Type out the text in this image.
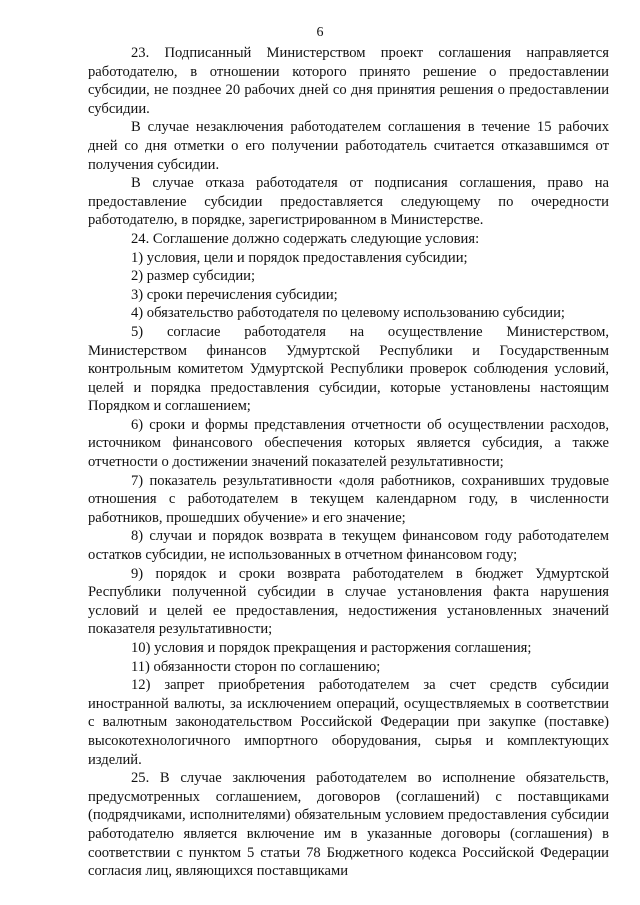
6

23. Подписанный Министерством проект соглашения направляется работодателю, в отношении которого принято решение о предоставлении субсидии, не позднее 20 рабочих дней со дня принятия решения о предоставлении субсидии.

В случае незаключения работодателем соглашения в течение 15 рабочих дней со дня отметки о его получении работодатель считается отказавшимся от получения субсидии.

В случае отказа работодателя от подписания соглашения, право на предоставление субсидии предоставляется следующему по очередности работодателю, в порядке, зарегистрированном в Министерстве.

24. Соглашение должно содержать следующие условия:

1) условия, цели и порядок предоставления субсидии;

2) размер субсидии;

3) сроки перечисления субсидии;

4) обязательство работодателя по целевому использованию субсидии;

5) согласие работодателя на осуществление Министерством, Министерством финансов Удмуртской Республики и Государственным контрольным комитетом Удмуртской Республики проверок соблюдения условий, целей и порядка предоставления субсидии, которые установлены настоящим Порядком и соглашением;

6) сроки и формы представления отчетности об осуществлении расходов, источником финансового обеспечения которых является субсидия, а также отчетности о достижении значений показателей результативности;

7) показатель результативности «доля работников, сохранивших трудовые отношения с работодателем в текущем календарном году, в численности работников, прошедших обучение» и его значение;

8) случаи и порядок возврата в текущем финансовом году работодателем остатков субсидии, не использованных в отчетном финансовом году;

9) порядок и сроки возврата работодателем в бюджет Удмуртской Республики полученной субсидии в случае установления факта нарушения условий и целей ее предоставления, недостижения установленных значений показателя результативности;

10) условия и порядок прекращения и расторжения соглашения;

11) обязанности сторон по соглашению;

12) запрет приобретения работодателем за счет средств субсидии иностранной валюты, за исключением операций, осуществляемых в соответствии с валютным законодательством Российской Федерации при закупке (поставке) высокотехнологичного импортного оборудования, сырья и комплектующих изделий.

25. В случае заключения работодателем во исполнение обязательств, предусмотренных соглашением, договоров (соглашений) с поставщиками (подрядчиками, исполнителями) обязательным условием предоставления субсидии работодателю является включение им в указанные договоры (соглашения) в соответствии с пунктом 5 статьи 78 Бюджетного кодекса Российской Федерации согласия лиц, являющихся поставщиками
